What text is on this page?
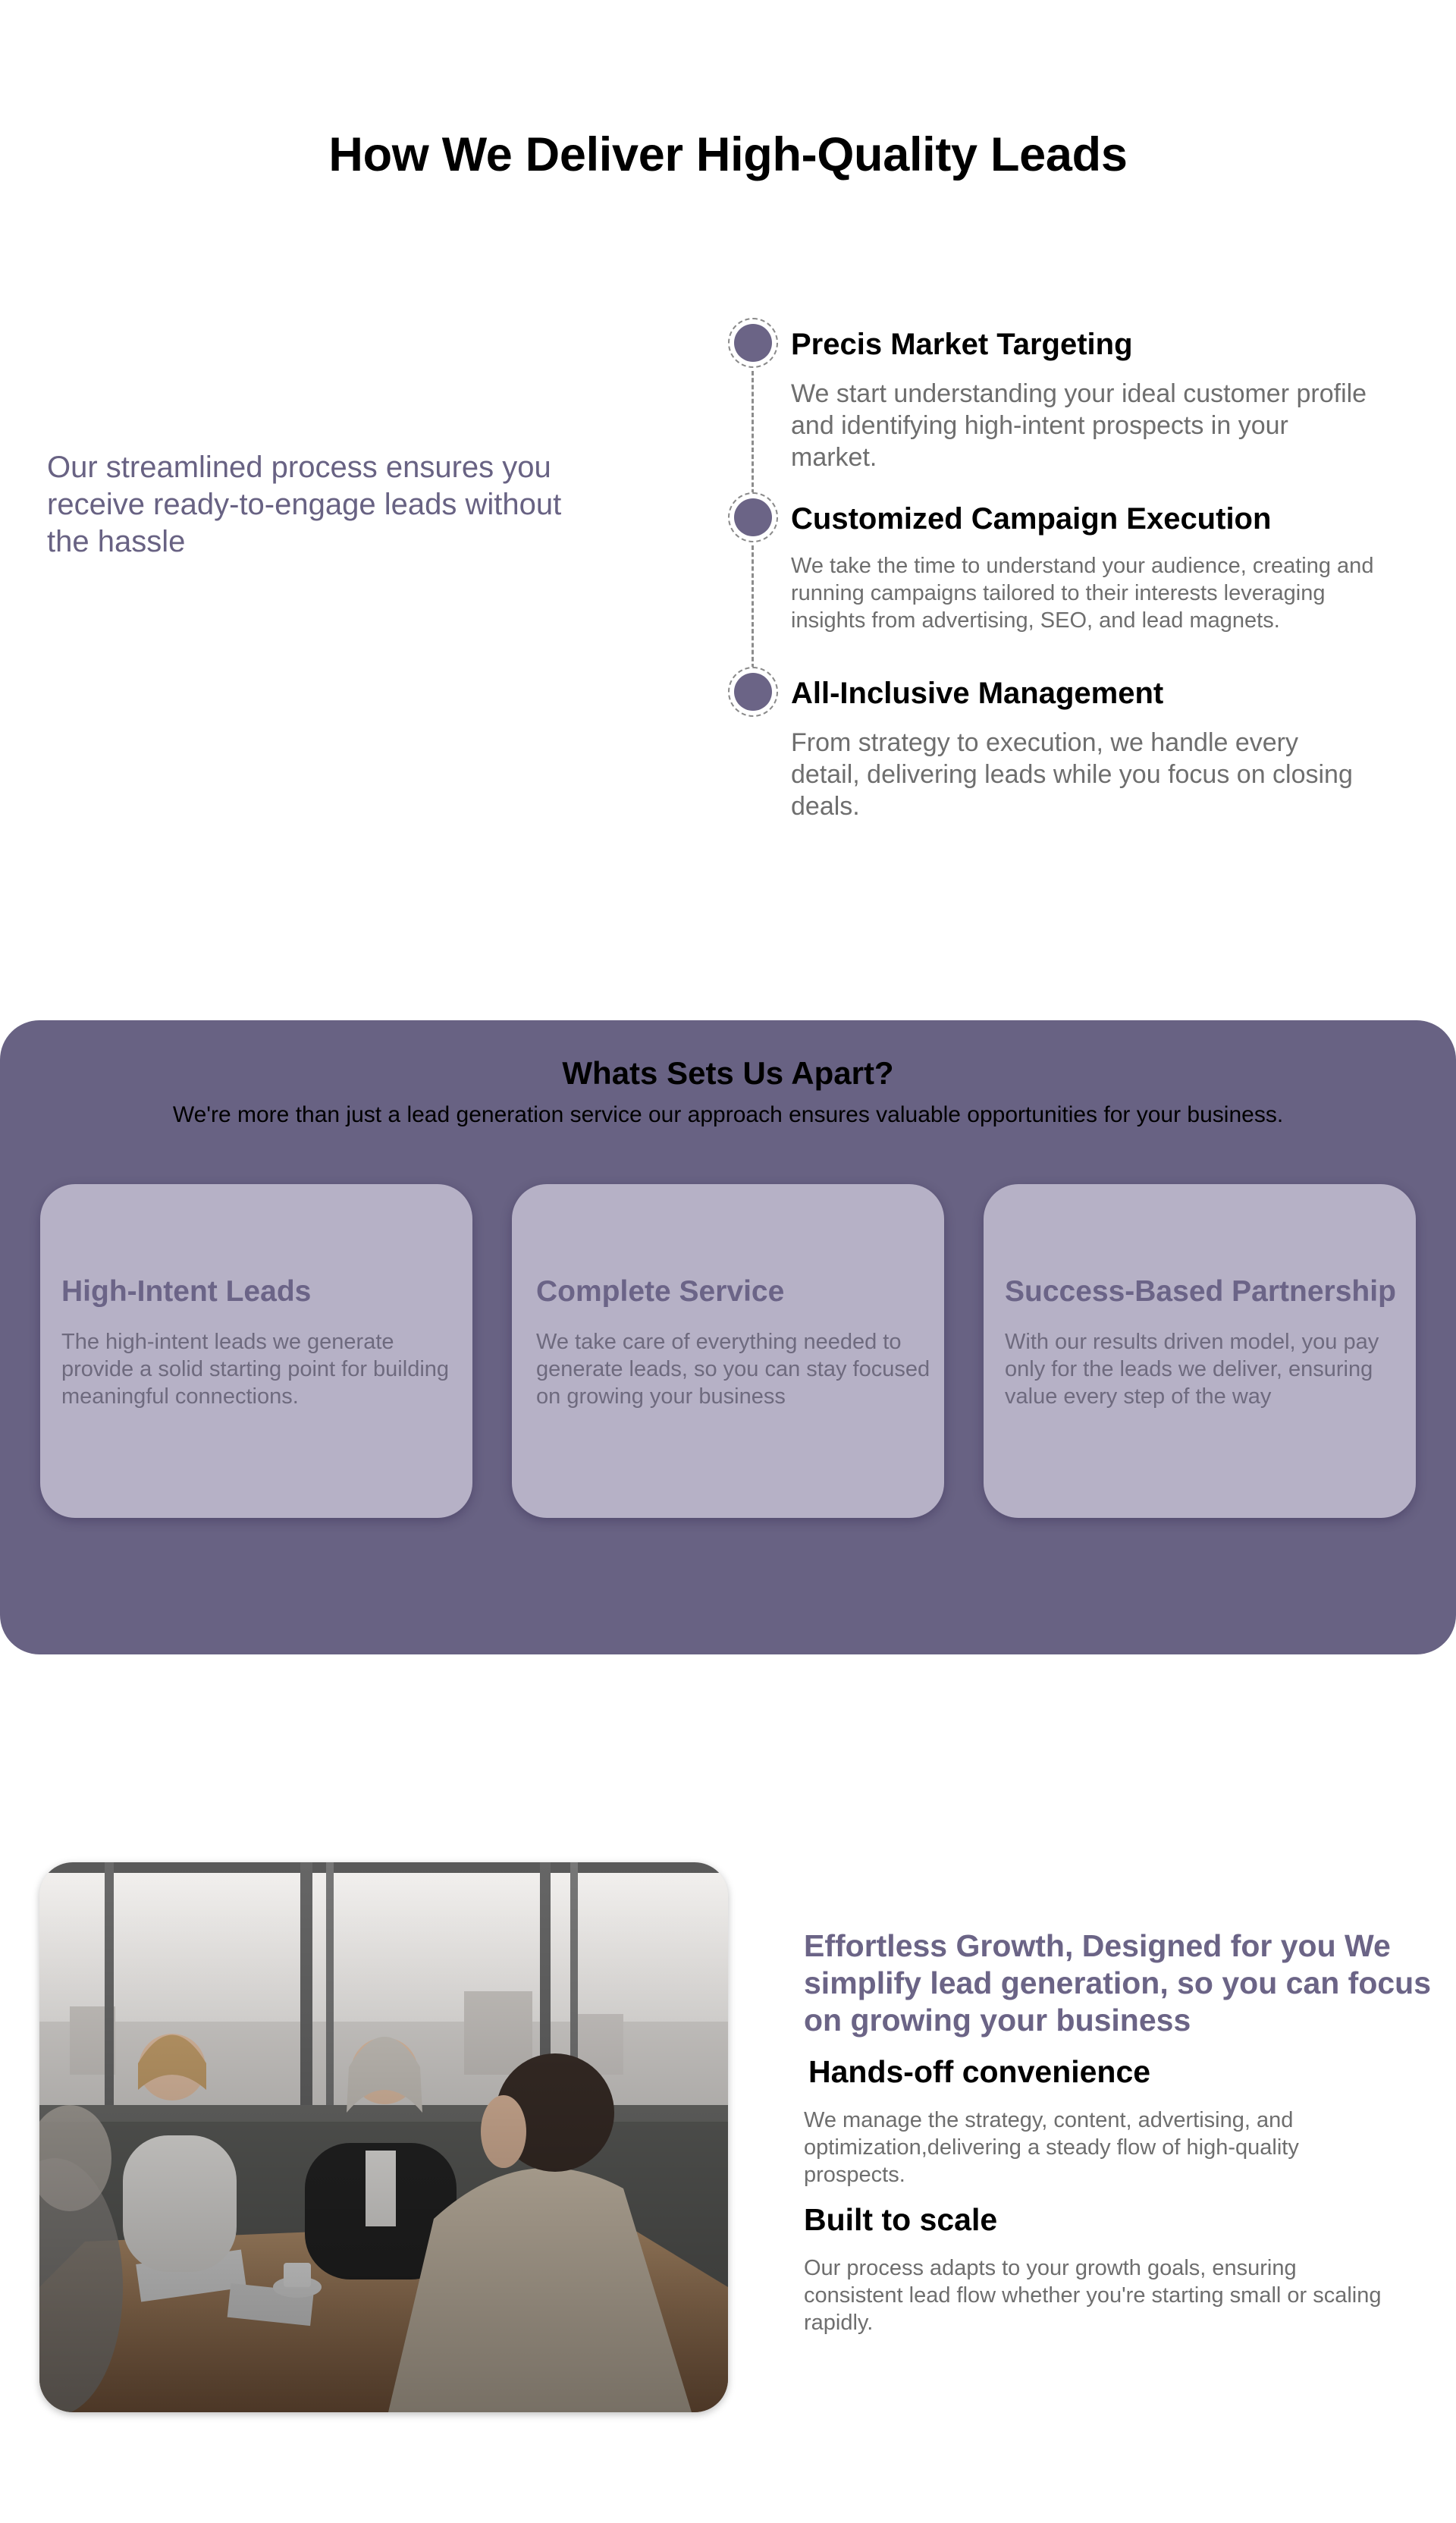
How We Deliver High-Quality Leads

Our streamlined process ensures you receive ready-to-engage leads without the hassle

Precis Market Targeting

We start understanding your ideal customer profile and identifying high-intent prospects in your market.

Customized Campaign Execution

We take the time to understand your audience, creating and running campaigns tailored to their interests leveraging insights from advertising, SEO, and lead magnets.

All-Inclusive Management

From strategy to execution, we handle every detail, delivering leads while you focus on closing deals.

Whats Sets Us Apart?

We're more than just a lead generation service our approach ensures valuable opportunities for your business.

High-Intent Leads

The high-intent leads we generate provide a solid starting point for building meaningful connections.

Complete Service

We take care of everything needed to generate leads, so you can stay focused on growing your business

Success-Based Partnership

With our results driven model, you pay only for the leads we deliver, ensuring value every step of the way

Effortless Growth, Designed for you We simplify lead generation, so you can focus on growing your business
Hands-off convenience

We manage the strategy, content, advertising, and optimization,delivering a steady flow of high-quality prospects.

Built to scale

Our process adapts to your growth goals, ensuring consistent lead flow whether you're starting small or scaling rapidly.
